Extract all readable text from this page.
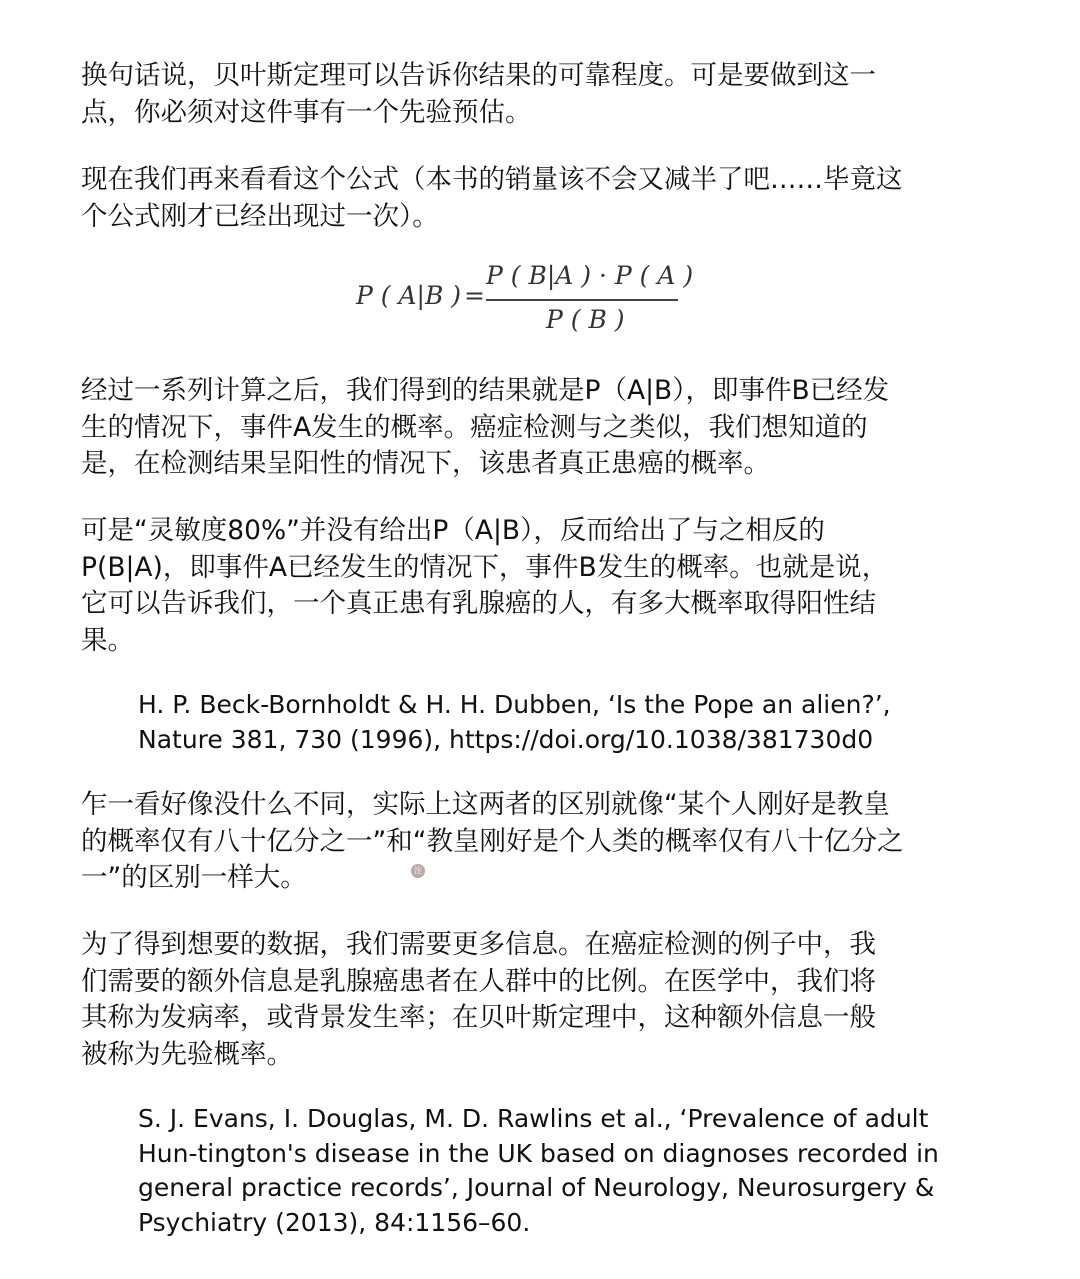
换句话说，贝叶斯定理可以告诉你结果的可靠程度。可是要做到这一
点，你必须对这件事有一个先验预估。

现在我们再来看看这个公式（本书的销量该不会又减半了吧……毕竟这
个公式刚才已经出现过一次）。

P ( A|B ) =
P ( B|A ) · P ( A )
P ( B )

经过一系列计算之后，我们得到的结果就是P（A|B），即事件B已经发
生的情况下，事件A发生的概率。癌症检测与之类似，我们想知道的
是，在检测结果呈阳性的情况下，该患者真正患癌的概率。

可是“灵敏度80%”并没有给出P（A|B），反而给出了与之相反的
P(B|A)，即事件A已经发生的情况下，事件B发生的概率。也就是说，
它可以告诉我们，一个真正患有乳腺癌的人，有多大概率取得阳性结
果。

H. P. Beck-Bornholdt & H. H. Dubben, ‘Is the Pope an alien?’,
Nature 381, 730 (1996), https://doi.org/10.1038/381730d0

乍一看好像没什么不同，实际上这两者的区别就像“某个人刚好是教皇
的概率仅有八十亿分之一”和“教皇刚好是个人类的概率仅有八十亿分之
一”的区别一样大。

为了得到想要的数据，我们需要更多信息。在癌症检测的例子中，我
们需要的额外信息是乳腺癌患者在人群中的比例。在医学中，我们将
其称为发病率，或背景发生率；在贝叶斯定理中，这种额外信息一般
被称为先验概率。

S. J. Evans, I. Douglas, M. D. Rawlins et al., ‘Prevalence of adult
Hun-tington's disease in the UK based on diagnoses recorded in
general practice records’, Journal of Neurology, Neurosurgery &
Psychiatry (2013), 84:1156–60.
注
